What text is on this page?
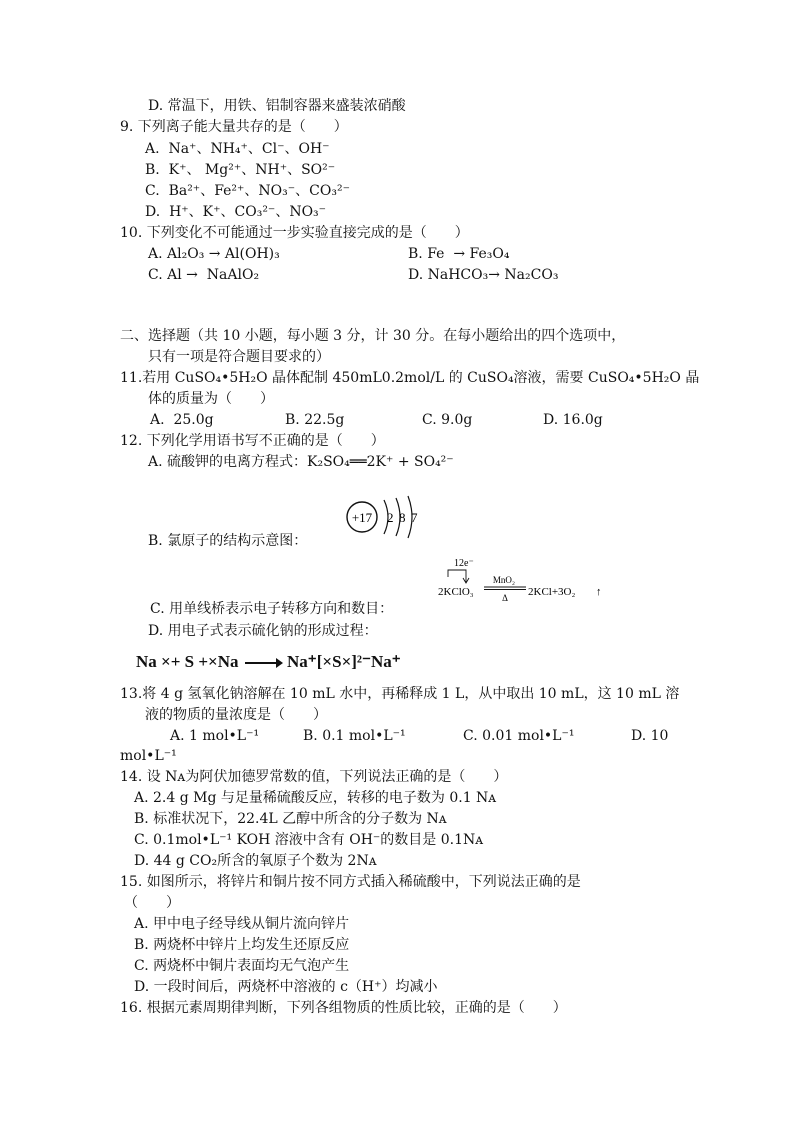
D. 常温下，用铁、铝制容器来盛装浓硝酸
9. 下列离子能大量共存的是（　　）
A.  Na⁺、NH₄⁺、Cl⁻、OH⁻
B.  K⁺、 Mg²⁺、NH⁺、SO²⁻
C.  Ba²⁺、Fe²⁺、NO₃⁻、CO₃²⁻
D.  H⁺、K⁺、CO₃²⁻、NO₃⁻
10. 下列变化不可能通过一步实验直接完成的是（　　）
A. Al₂O₃ → Al(OH)₃	B. Fe  → Fe₃O₄
C. Al →  NaAlO₂	D. NaHCO₃→ Na₂CO₃
二、选择题（共 10 小题，每小题 3 分，计 30 分。在每小题给出的四个选项中，
只有一项是符合题目要求的）
11.若用 CuSO₄•5H₂O 晶体配制 450mL0.2mol/L 的 CuSO₄溶液，需要 CuSO₄•5H₂O 晶
体的质量为（　　）
A.  25.0g	B. 22.5g	C. 9.0g	D. 16.0g
12. 下列化学用语书写不正确的是（　　）
A. 硫酸钾的电离方程式：K₂SO₄══2K⁺ + SO₄²⁻
+17 2 8 7
B. 氯原子的结构示意图：
12e⁻
2KClO₃
MnO₂
Δ 2KCl+3O₂ ↑
C. 用单线桥表示电子转移方向和数目：
D. 用电子式表示硫化钠的形成过程：
Na ×+ S +×Na	Na⁺[×S×]²⁻Na⁺
13.将 4 g 氢氧化钠溶解在 10 mL 水中，再稀释成 1 L，从中取出 10 mL，这 10 mL 溶
液的物质的量浓度是（　　）
A. 1 mol•L⁻¹	B. 0.1 mol•L⁻¹	C. 0.01 mol•L⁻¹	D. 10
mol•L⁻¹
14. 设 Nᴀ为阿伏加德罗常数的值，下列说法正确的是（　　）
A. 2.4 g Mg 与足量稀硫酸反应，转移的电子数为 0.1 Nᴀ
B. 标准状况下，22.4L 乙醇中所含的分子数为 Nᴀ
C. 0.1mol•L⁻¹ KOH 溶液中含有 OH⁻的数目是 0.1Nᴀ
D. 44 g CO₂所含的氧原子个数为 2Nᴀ
15. 如图所示，将锌片和铜片按不同方式插入稀硫酸中，下列说法正确的是
（　　）
A. 甲中电子经导线从铜片流向锌片
B. 两烧杯中锌片上均发生还原反应
C. 两烧杯中铜片表面均无气泡产生
D. 一段时间后，两烧杯中溶液的 c（H⁺）均减小
16. 根据元素周期律判断，下列各组物质的性质比较，正确的是（　　）
